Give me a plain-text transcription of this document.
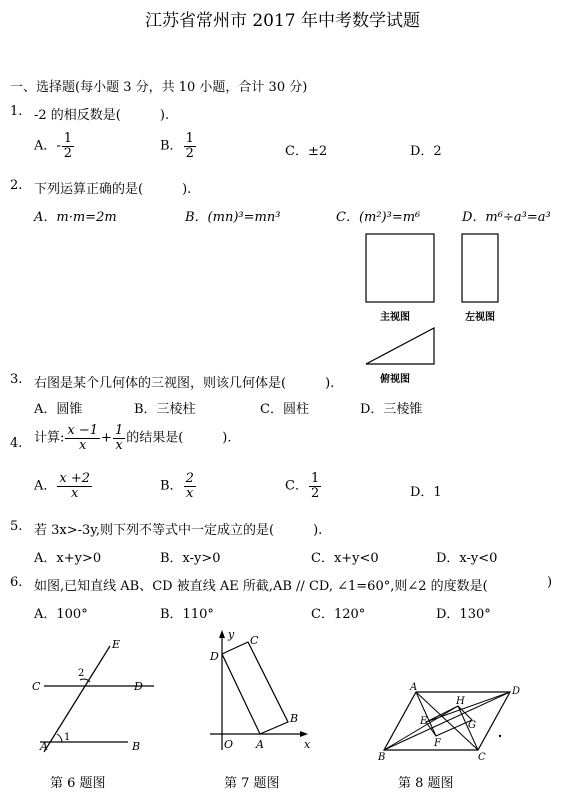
江苏省常州市 2017 年中考数学试题
一、选择题(每小题 3 分，共 10 小题，合计 30 分)
1. -2 的相反数是(　　　).
A．- $\frac{1}{2}$	B． $\frac{1}{2}$	C．±2	D．2
2. 下列运算正确的是(　　　).
A．m·m=2m	B．(mn)³=mn³	C．(m²)³=m⁶	D．m⁶÷a³=a³
主视图	左视图
俯视图
3. 右图是某个几何体的三视图，则该几何体是(　　　).
A．圆锥	B．三棱柱	C．圆柱	D．三棱锥
4. 计算: $\frac{x -1}{x} + \frac{1}{x}$ 的结果是(　　　).
A． $\frac{x +2}{x}$	B． $\frac{2}{x}$	C． $\frac{1}{2}$	D．1
5. 若 3x>-3y,则下列不等式中一定成立的是(　　　).
A．x+y>0	B．x-y>0	C．x+y<0	D．x-y<0
6. 如图,已知直线 AB、CD 被直线 AE 所截,AB // CD, ∠1=60°,则∠2 的度数是(	)
A．100°	B．110°	C．120°	D．130°
E
C	D
A	B
1
2
第 6 题图
y
x
O A
B
C
D
第 7 题图
A	D
B	C
H
E	G
F
第 8 题图
